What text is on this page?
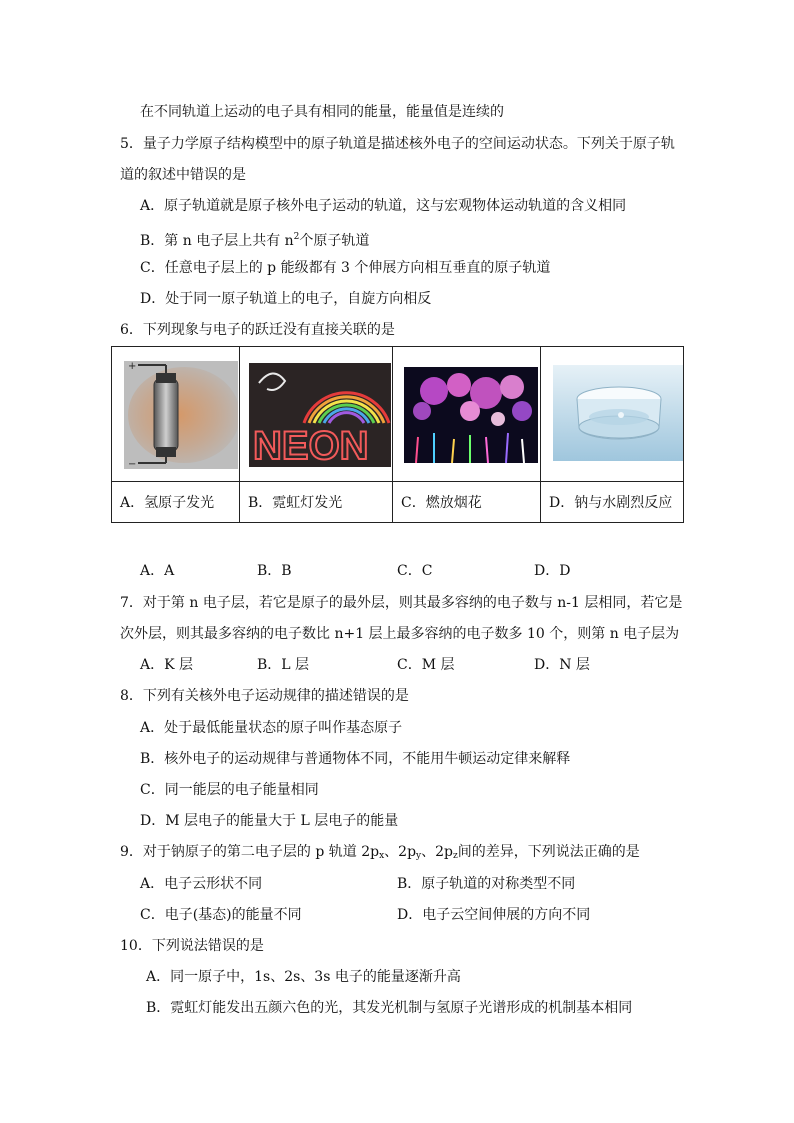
在不同轨道上运动的电子具有相同的能量，能量值是连续的
5．量子力学原子结构模型中的原子轨道是描述核外电子的空间运动状态。下列关于原子轨
道的叙述中错误的是
A．原子轨道就是原子核外电子运动的轨道，这与宏观物体运动轨道的含义相同
B．第 n 电子层上共有 $n^2$个原子轨道
C．任意电子层上的 p 能级都有 3 个伸展方向相互垂直的原子轨道
D．处于同一原子轨道上的电子，自旋方向相反
6．下列现象与电子的跃迁没有直接关联的是
+
−	NEON

A．氢原子发光	B．霓虹灯发光	C．燃放烟花	D．钠与水剧烈反应
A．A	B．B	C．C	D．D
7．对于第 n 电子层，若它是原子的最外层，则其最多容纳的电子数与 n-1 层相同，若它是
次外层，则其最多容纳的电子数比 n+1 层上最多容纳的电子数多 10 个，则第 n 电子层为
A．K 层	B．L 层	C．M 层	D．N 层
8．下列有关核外电子运动规律的描述错误的是
A．处于最低能量状态的原子叫作基态原子
B．核外电子的运动规律与普通物体不同，不能用牛顿运动定律来解释
C．同一能层的电子能量相同
D．M 层电子的能量大于 L 层电子的能量
9．对于钠原子的第二电子层的 p 轨道 $2p_x$、$2p_y$、$2p_z$间的差异，下列说法正确的是
A．电子云形状不同	B．原子轨道的对称类型不同
C．电子(基态)的能量不同	D．电子云空间伸展的方向不同
10．下列说法错误的是
A．同一原子中，1s、2s、3s 电子的能量逐渐升高
B．霓虹灯能发出五颜六色的光，其发光机制与氢原子光谱形成的机制基本相同
